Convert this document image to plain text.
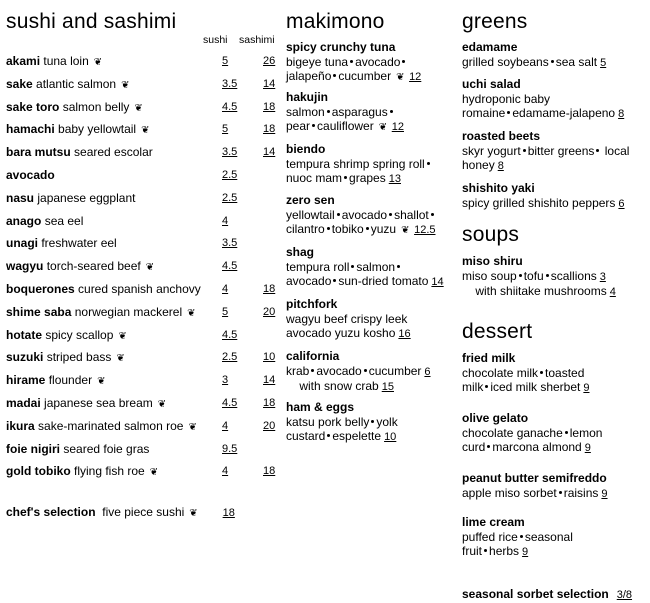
sushi and sashimi
sushi sashimi
akami tuna loin ❦	5	26
sake atlantic salmon ❦	3.5 14
sake toro salmon belly ❦	4.5 18
hamachi baby yellowtail ❦	5	18
bara mutsu seared escolar	3.5 14
avocado	2.5
nasu japanese eggplant	2.5
anago sea eel	4
unagi freshwater eel	3.5
wagyu torch-seared beef ❦	4.5
boquerones cured spanish anchovy 4	18
shime saba norwegian mackerel ❦ 5	20
hotate spicy scallop ❦	4.5
suzuki striped bass ❦	2.5 10
hirame flounder ❦	3	14
madai japanese sea bream ❦	4.5 18
ikura sake-marinated salmon roe ❦ 4	20
foie nigiri seared foie gras	9.5
gold tobiko flying fish roe ❦	4	18
chef's selection five piece sushi ❦ 18
makimono
spicy crunchy tuna
bigeye tuna avocado
jalapeño cucumber ❦ 12
hakujin
salmon asparagus
pear cauliflower ❦ 12
biendo
tempura shrimp spring roll
nuoc mam grapes 13
zero sen
yellowtail avocado shallot
cilantro tobiko yuzu ❦ 12.5
shag
tempura roll salmon
avocado sun-dried tomato 14
pitchfork
wagyu beef crispy leek
avocado yuzu kosho 16
california
krab avocado cucumber 6
with snow crab 15
ham & eggs
katsu pork belly yolk
custard espelette 10
greens
edamame
grilled soybeans sea salt 5
uchi salad
hydroponic baby
romaine edamame-jalapeno 8
roasted beets
skyr yogurt bitter greens local
honey 8
shishito yaki
spicy grilled shishito peppers 6
soups
miso shiru
miso soup tofu scallions 3
with shiitake mushrooms 4
dessert
fried milk
chocolate milk toasted
milk iced milk sherbet 9
olive gelato
chocolate ganache lemon
curd marcona almond 9
peanut butter semifreddo
apple miso sorbet raisins 9
lime cream
puffed rice seasonal
fruit herbs 9
seasonal sorbet selection 3/8
